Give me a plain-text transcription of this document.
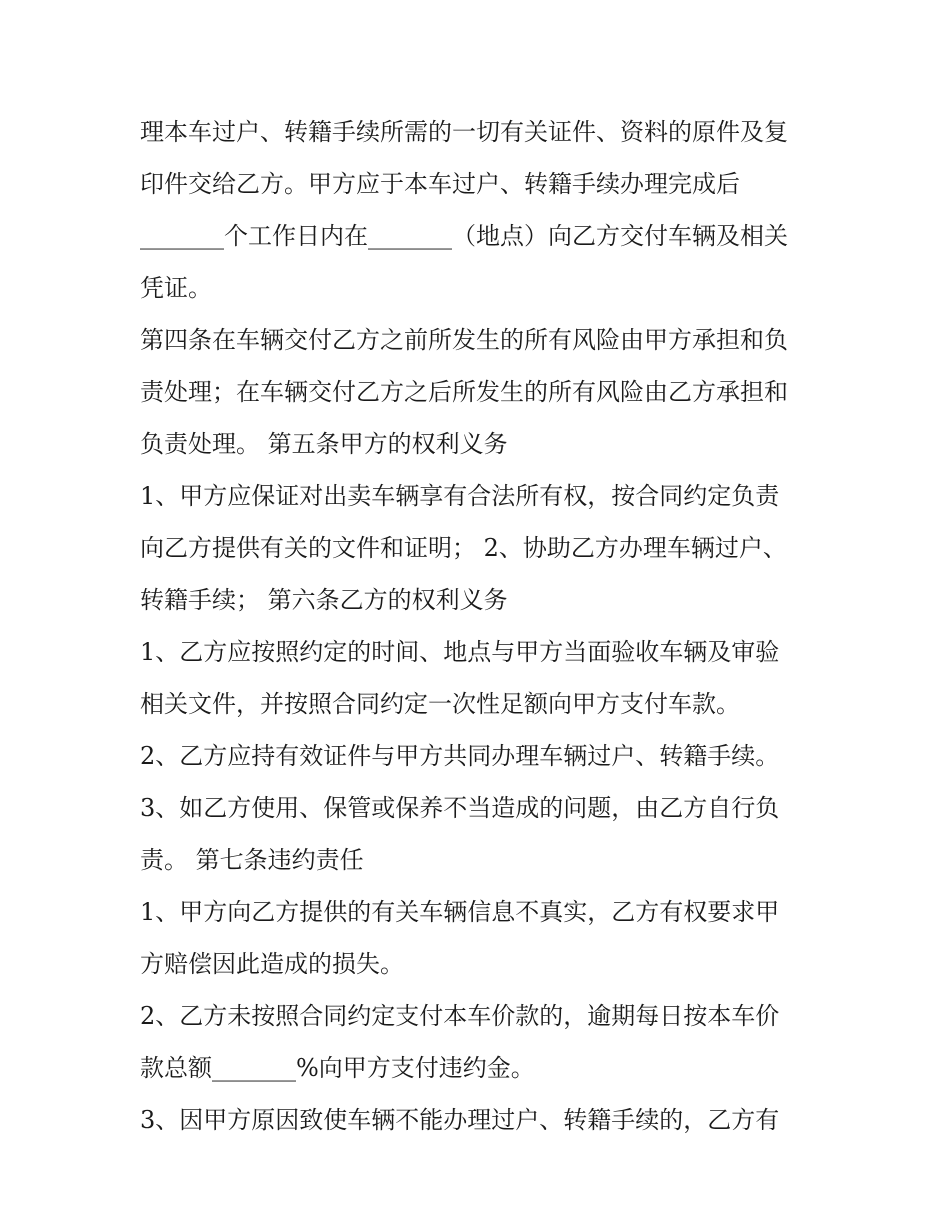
理本车过户、转籍手续所需的一切有关证件、资料的原件及复
印件交给乙方。甲方应于本车过户、转籍手续办理完成后
_______个工作日内在_______（地点）向乙方交付车辆及相关
凭证。
第四条在车辆交付乙方之前所发生的所有风险由甲方承担和负
责处理；在车辆交付乙方之后所发生的所有风险由乙方承担和
负责处理。 第五条甲方的权利义务
1、甲方应保证对出卖车辆享有合法所有权，按合同约定负责
向乙方提供有关的文件和证明； 2、协助乙方办理车辆过户、
转籍手续； 第六条乙方的权利义务
1、乙方应按照约定的时间、地点与甲方当面验收车辆及审验
相关文件，并按照合同约定一次性足额向甲方支付车款。
2、乙方应持有效证件与甲方共同办理车辆过户、转籍手续。
3、如乙方使用、保管或保养不当造成的问题，由乙方自行负
责。 第七条违约责任
1、甲方向乙方提供的有关车辆信息不真实，乙方有权要求甲
方赔偿因此造成的损失。
2、乙方未按照合同约定支付本车价款的，逾期每日按本车价
款总额_______%向甲方支付违约金。
3、因甲方原因致使车辆不能办理过户、转籍手续的，乙方有
